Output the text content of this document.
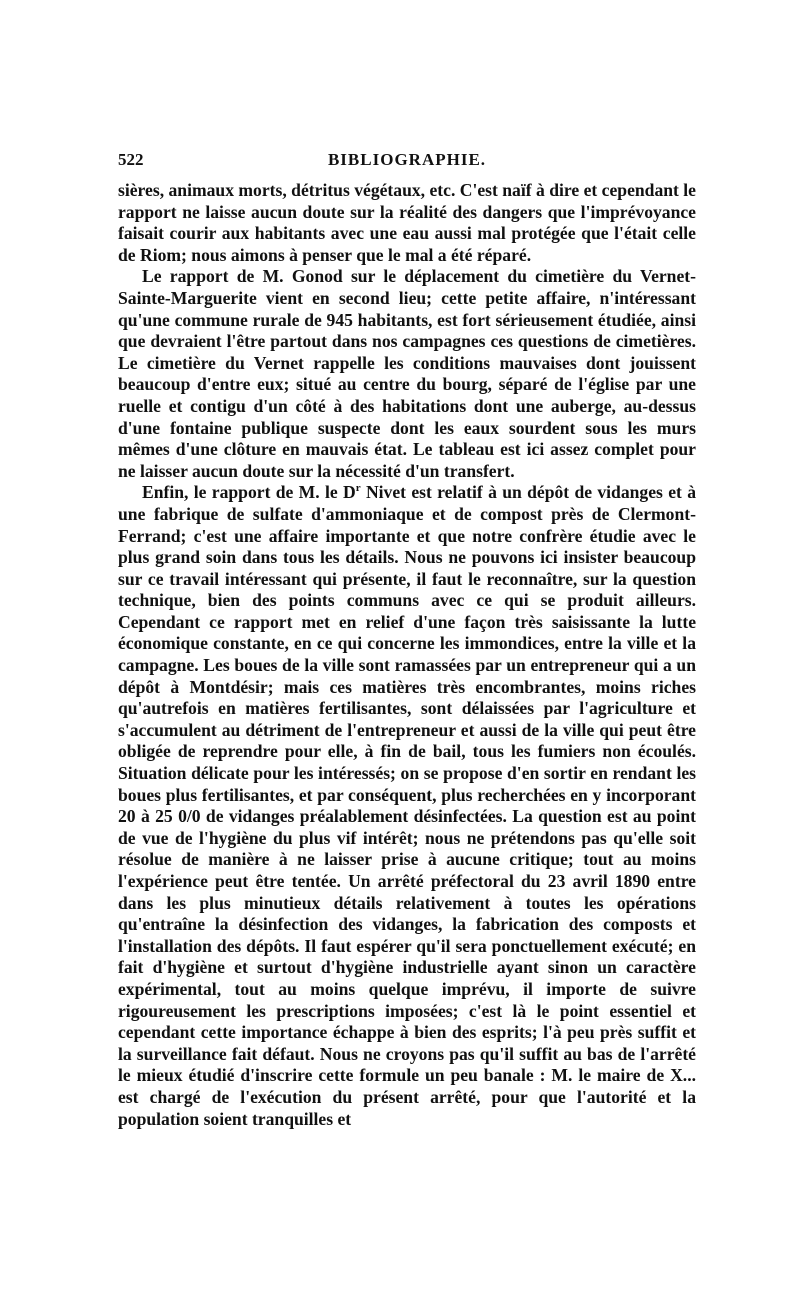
522	BIBLIOGRAPHIE.

sières, animaux morts, détritus végétaux, etc. C'est naïf à dire et cependant le rapport ne laisse aucun doute sur la réalité des dangers que l'imprévoyance faisait courir aux habitants avec une eau aussi mal protégée que l'était celle de Riom; nous aimons à penser que le mal a été réparé.

Le rapport de M. Gonod sur le déplacement du cimetière du Vernet-Sainte-Marguerite vient en second lieu; cette petite affaire, n'intéressant qu'une commune rurale de 945 habitants, est fort sérieusement étudiée, ainsi que devraient l'être partout dans nos campagnes ces questions de cimetières. Le cimetière du Vernet rappelle les conditions mauvaises dont jouissent beaucoup d'entre eux; situé au centre du bourg, séparé de l'église par une ruelle et contigu d'un côté à des habitations dont une auberge, au-dessus d'une fontaine publique suspecte dont les eaux sourdent sous les murs mêmes d'une clôture en mauvais état. Le tableau est ici assez complet pour ne laisser aucun doute sur la nécessité d'un transfert.

Enfin, le rapport de M. le $D^r$ Nivet est relatif à un dépôt de vidanges et à une fabrique de sulfate d'ammoniaque et de compost près de Clermont-Ferrand; c'est une affaire importante et que notre confrère étudie avec le plus grand soin dans tous les détails. Nous ne pouvons ici insister beaucoup sur ce travail intéressant qui présente, il faut le reconnaître, sur la question technique, bien des points communs avec ce qui se produit ailleurs. Cependant ce rapport met en relief d'une façon très saisissante la lutte économique constante, en ce qui concerne les immondices, entre la ville et la campagne. Les boues de la ville sont ramassées par un entrepreneur qui a un dépôt à Montdésir; mais ces matières très encombrantes, moins riches qu'autrefois en matières fertilisantes, sont délaissées par l'agriculture et s'accumulent au détriment de l'entrepreneur et aussi de la ville qui peut être obligée de reprendre pour elle, à fin de bail, tous les fumiers non écoulés. Situation délicate pour les intéressés; on se propose d'en sortir en rendant les boues plus fertilisantes, et par conséquent, plus recherchées en y incorporant 20 à 25 0/0 de vidanges préalablement désinfectées. La question est au point de vue de l'hygiène du plus vif intérêt; nous ne prétendons pas qu'elle soit résolue de manière à ne laisser prise à aucune critique; tout au moins l'expérience peut être tentée. Un arrêté préfectoral du 23 avril 1890 entre dans les plus minutieux détails relativement à toutes les opérations qu'entraîne la désinfection des vidanges, la fabrication des composts et l'installation des dépôts. Il faut espérer qu'il sera ponctuellement exécuté; en fait d'hygiène et surtout d'hygiène industrielle ayant sinon un caractère expérimental, tout au moins quelque imprévu, il importe de suivre rigoureusement les prescriptions imposées; c'est là le point essentiel et cependant cette importance échappe à bien des esprits; l'à peu près suffit et la surveillance fait défaut. Nous ne croyons pas qu'il suffit au bas de l'arrêté le mieux étudié d'inscrire cette formule un peu banale : M. le maire de X... est chargé de l'exécution du présent arrêté, pour que l'autorité et la population soient tranquilles et
